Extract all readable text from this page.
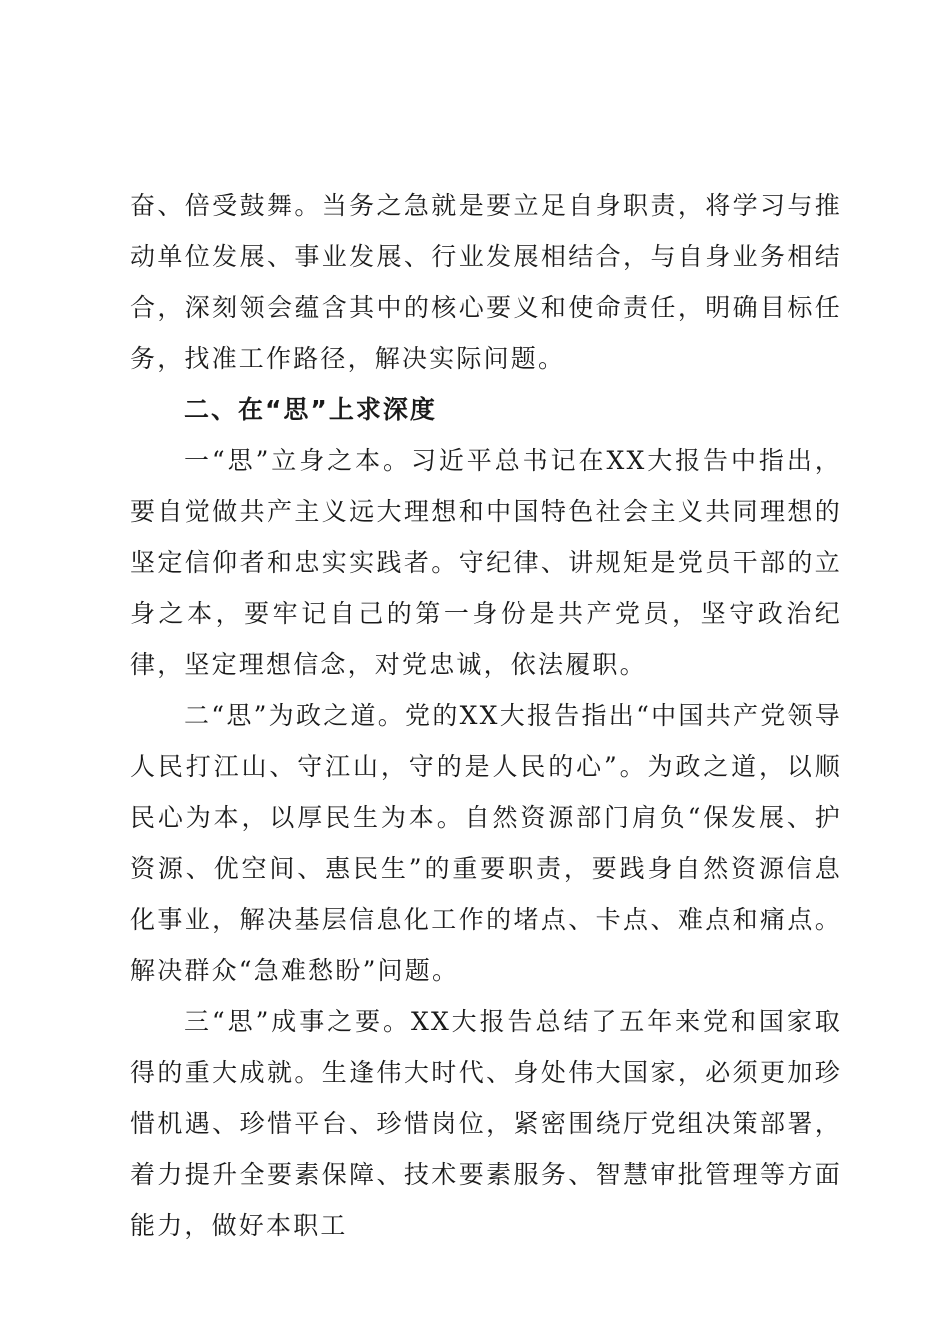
奋、倍受鼓舞。当务之急就是要立足自身职责，将学习与推动单位发展、事业发展、行业发展相结合，与自身业务相结合，深刻领会蕴含其中的核心要义和使命责任，明确目标任务，找准工作路径，解决实际问题。

二、在“思”上求深度

一“思”立身之本。习近平总书记在XX大报告中指出，要自觉做共产主义远大理想和中国特色社会主义共同理想的坚定信仰者和忠实实践者。守纪律、讲规矩是党员干部的立身之本，要牢记自己的第一身份是共产党员，坚守政治纪律，坚定理想信念，对党忠诚，依法履职。

二“思”为政之道。党的XX大报告指出“中国共产党领导人民打江山、守江山，守的是人民的心”。为政之道，以顺民心为本，以厚民生为本。自然资源部门肩负“保发展、护资源、优空间、惠民生”的重要职责，要践身自然资源信息化事业，解决基层信息化工作的堵点、卡点、难点和痛点。解决群众“急难愁盼”问题。

三“思”成事之要。XX大报告总结了五年来党和国家取得的重大成就。生逢伟大时代、身处伟大国家，必须更加珍惜机遇、珍惜平台、珍惜岗位，紧密围绕厅党组决策部署，着力提升全要素保障、技术要素服务、智慧审批管理等方面能力，做好本职工
